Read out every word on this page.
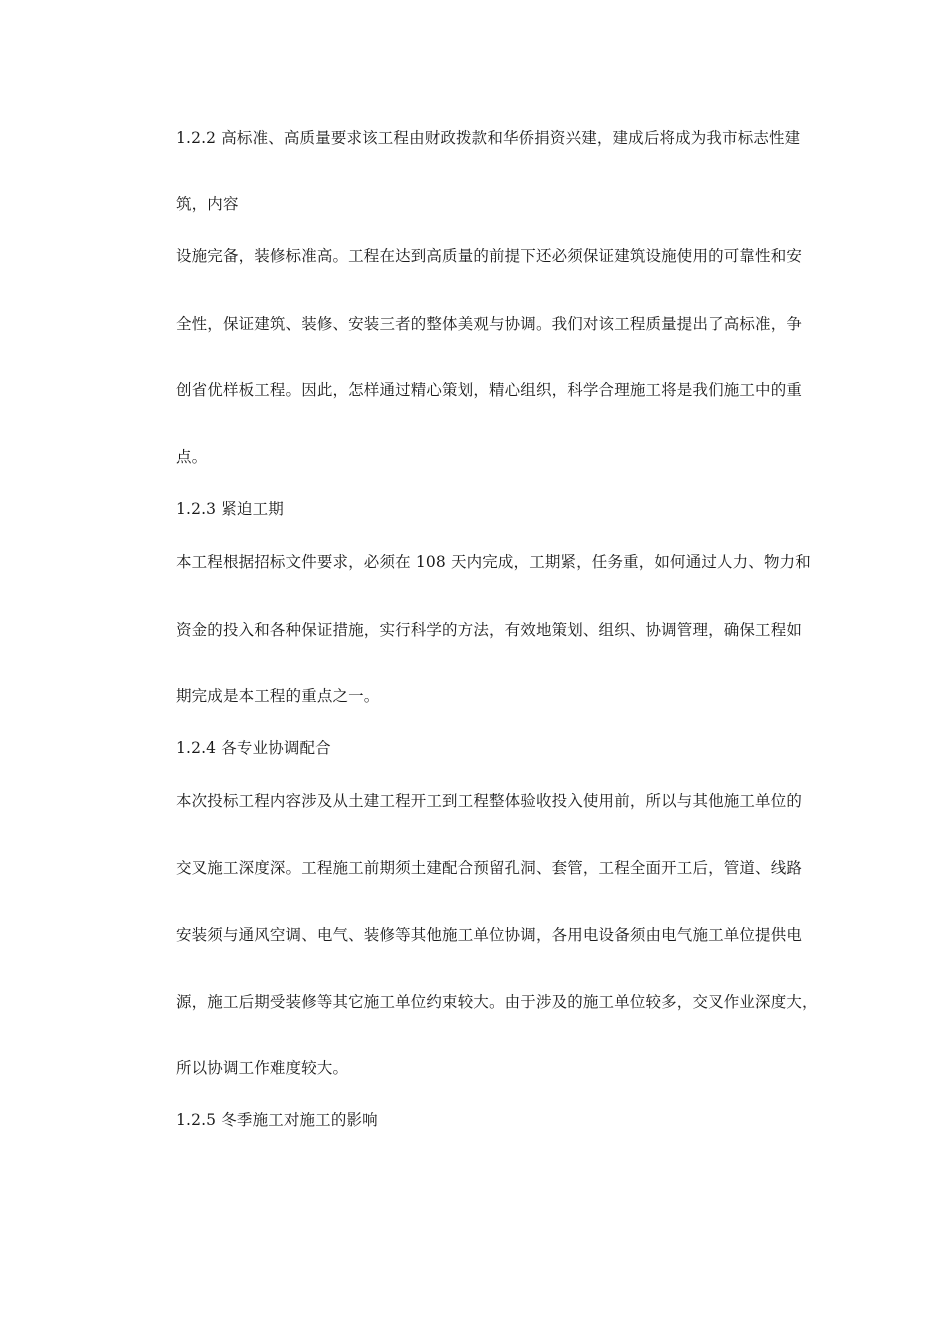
1.2.2 高标准、高质量要求该工程由财政拨款和华侨捐资兴建，建成后将成为我市标志性建
筑，内容
设施完备，装修标准高。工程在达到高质量的前提下还必须保证建筑设施使用的可靠性和安
全性，保证建筑、装修、安装三者的整体美观与协调。我们对该工程质量提出了高标准，争
创省优样板工程。因此，怎样通过精心策划，精心组织，科学合理施工将是我们施工中的重
点。
1.2.3 紧迫工期
本工程根据招标文件要求，必须在 108 天内完成，工期紧，任务重，如何通过人力、物力和
资金的投入和各种保证措施，实行科学的方法，有效地策划、组织、协调管理，确保工程如
期完成是本工程的重点之一。
1.2.4 各专业协调配合
本次投标工程内容涉及从土建工程开工到工程整体验收投入使用前，所以与其他施工单位的
交叉施工深度深。工程施工前期须土建配合预留孔洞、套管，工程全面开工后，管道、线路
安装须与通风空调、电气、装修等其他施工单位协调，各用电设备须由电气施工单位提供电
源，施工后期受装修等其它施工单位约束较大。由于涉及的施工单位较多，交叉作业深度大，
所以协调工作难度较大。
1.2.5 冬季施工对施工的影响
